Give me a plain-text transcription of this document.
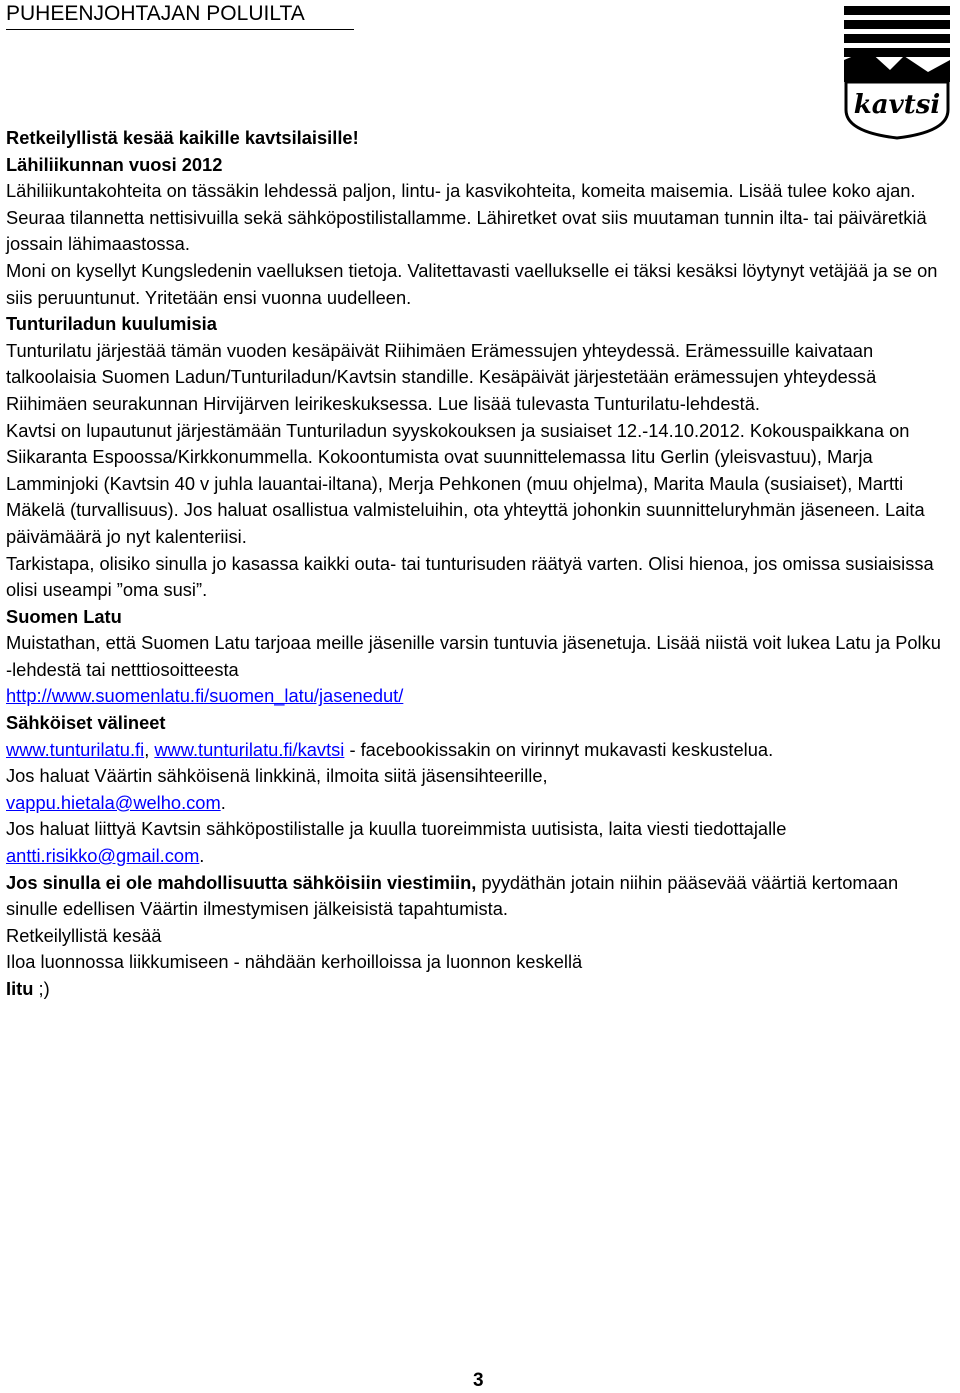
PUHEENJOHTAJAN POLUILTA
kavtsi

Retkeilyllistä kesää kaikille kavtsilaisille!

Lähiliikunnan vuosi 2012

Lähiliikuntakohteita on tässäkin lehdessä paljon, lintu- ja kasvikohteita, komeita maisemia. Lisää tulee koko ajan. Seuraa tilannetta nettisivuilla sekä sähköpostilistallamme. Lähiretket ovat siis muutaman tunnin ilta- tai päiväretkiä jossain lähimaastossa.

Moni on kysellyt Kungsledenin vaelluksen tietoja. Valitettavasti vaellukselle ei täksi kesäksi löytynyt vetäjää ja se on siis peruuntunut. Yritetään ensi vuonna uudelleen.

Tunturiladun kuulumisia

Tunturilatu järjestää tämän vuoden kesäpäivät Riihimäen Erämessujen yhteydessä. Erämessuille kaivataan talkoolaisia Suomen Ladun/Tunturiladun/Kavtsin standille. Kesäpäivät järjestetään erämessujen yhteydessä Riihimäen seurakunnan Hirvijärven leirikeskuksessa. Lue lisää tulevasta Tunturilatu-lehdestä.

Kavtsi on lupautunut järjestämään Tunturiladun syyskokouksen ja susiaiset 12.-14.10.2012. Kokouspaikkana on Siikaranta Espoossa/Kirkkonummella. Kokoontumista ovat suunnittelemassa Iitu Gerlin (yleisvastuu), Marja Lamminjoki (Kavtsin 40 v juhla lauantai-iltana), Merja Pehkonen (muu ohjelma), Marita Maula (susiaiset), Martti Mäkelä (turvallisuus). Jos haluat osallistua valmisteluihin, ota yhteyttä johonkin suunnitteluryhmän jäseneen. Laita päivämäärä jo nyt kalenteriisi.

Tarkistapa, olisiko sinulla jo kasassa kaikki outa- tai tunturisuden räätyä varten. Olisi hienoa, jos omissa susiaisissa olisi useampi ”oma susi”.

Suomen Latu

Muistathan, että Suomen Latu tarjoaa meille jäsenille varsin tuntuvia jäsenetuja. Lisää niistä voit lukea Latu ja Polku -lehdestä tai netttiosoitteesta
http://www.suomenlatu.fi/suomen_latu/jasenedut/

Sähköiset välineet

www.tunturilatu.fi, www.tunturilatu.fi/kavtsi - facebookissakin on virinnyt mukavasti keskustelua.

Jos haluat Väärtin sähköisenä linkkinä, ilmoita siitä jäsensihteerille,
vappu.hietala@welho.com.

Jos haluat liittyä Kavtsin sähköpostilistalle ja kuulla tuoreimmista uutisista, laita viesti tiedottajalle antti.risikko@gmail.com.

Jos sinulla ei ole mahdollisuutta sähköisiin viestimiin, pyydäthän jotain niihin pääsevää väärtiä kertomaan sinulle edellisen Väärtin ilmestymisen jälkeisistä tapahtumista.

Retkeilyllistä kesää

Iloa luonnossa liikkumiseen - nähdään kerhoilloissa ja luonnon keskellä

Iitu ;)

3
